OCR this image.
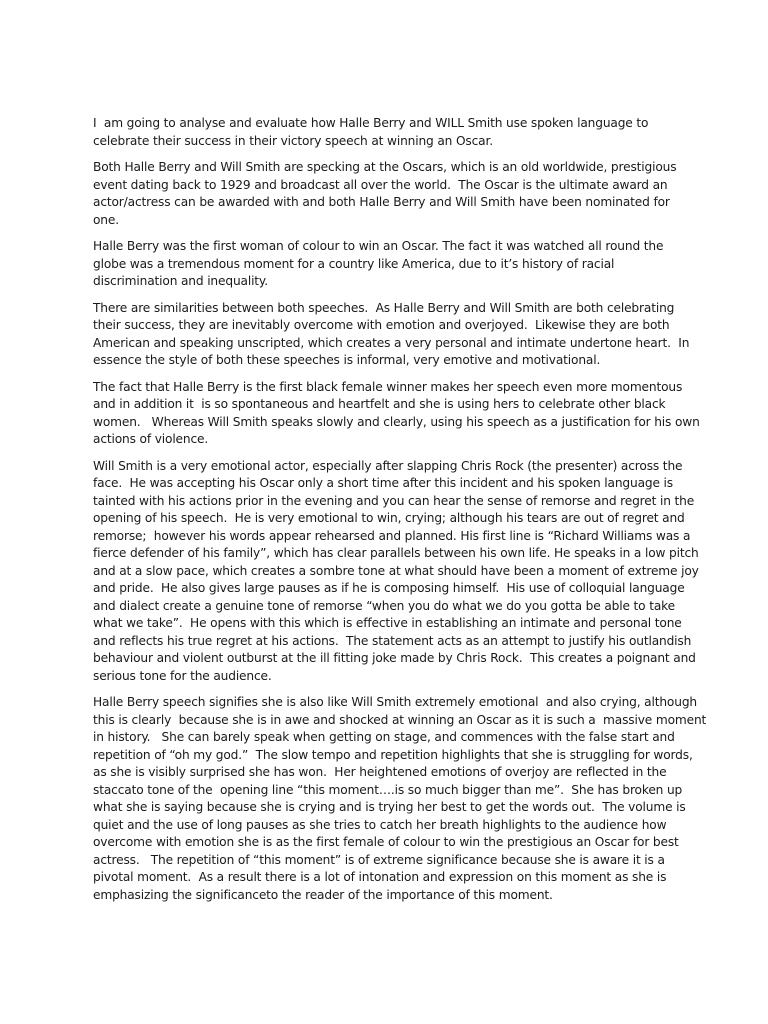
I  am going to analyse and evaluate how Halle Berry and WILL Smith use spoken language to
celebrate their success in their victory speech at winning an Oscar.

Both Halle Berry and Will Smith are specking at the Oscars, which is an old worldwide, prestigious
event dating back to 1929 and broadcast all over the world.  The Oscar is the ultimate award an
actor/actress can be awarded with and both Halle Berry and Will Smith have been nominated for
one.

Halle Berry was the first woman of colour to win an Oscar. The fact it was watched all round the
globe was a tremendous moment for a country like America, due to it’s history of racial
discrimination and inequality.

There are similarities between both speeches.  As Halle Berry and Will Smith are both celebrating
their success, they are inevitably overcome with emotion and overjoyed.  Likewise they are both
American and speaking unscripted, which creates a very personal and intimate undertone heart.  In
essence the style of both these speeches is informal, very emotive and motivational.

The fact that Halle Berry is the first black female winner makes her speech even more momentous
and in addition it  is so spontaneous and heartfelt and she is using hers to celebrate other black
women.   Whereas Will Smith speaks slowly and clearly, using his speech as a justification for his own
actions of violence.

Will Smith is a very emotional actor, especially after slapping Chris Rock (the presenter) across the
face.  He was accepting his Oscar only a short time after this incident and his spoken language is
tainted with his actions prior in the evening and you can hear the sense of remorse and regret in the
opening of his speech.  He is very emotional to win, crying; although his tears are out of regret and
remorse;  however his words appear rehearsed and planned. His first line is “Richard Williams was a
fierce defender of his family”, which has clear parallels between his own life. He speaks in a low pitch
and at a slow pace, which creates a sombre tone at what should have been a moment of extreme joy
and pride.  He also gives large pauses as if he is composing himself.  His use of colloquial language
and dialect create a genuine tone of remorse “when you do what we do you gotta be able to take
what we take”.  He opens with this which is effective in establishing an intimate and personal tone
and reflects his true regret at his actions.  The statement acts as an attempt to justify his outlandish
behaviour and violent outburst at the ill fitting joke made by Chris Rock.  This creates a poignant and
serious tone for the audience.

Halle Berry speech signifies she is also like Will Smith extremely emotional  and also crying, although
this is clearly  because she is in awe and shocked at winning an Oscar as it is such a  massive moment
in history.   She can barely speak when getting on stage, and commences with the false start and
repetition of “oh my god.”  The slow tempo and repetition highlights that she is struggling for words,
as she is visibly surprised she has won.  Her heightened emotions of overjoy are reflected in the
staccato tone of the  opening line “this moment….is so much bigger than me”.  She has broken up
what she is saying because she is crying and is trying her best to get the words out.  The volume is
quiet and the use of long pauses as she tries to catch her breath highlights to the audience how
overcome with emotion she is as the first female of colour to win the prestigious an Oscar for best
actress.   The repetition of “this moment” is of extreme significance because she is aware it is a
pivotal moment.  As a result there is a lot of intonation and expression on this moment as she is
emphasizing the significanceto the reader of the importance of this moment.
